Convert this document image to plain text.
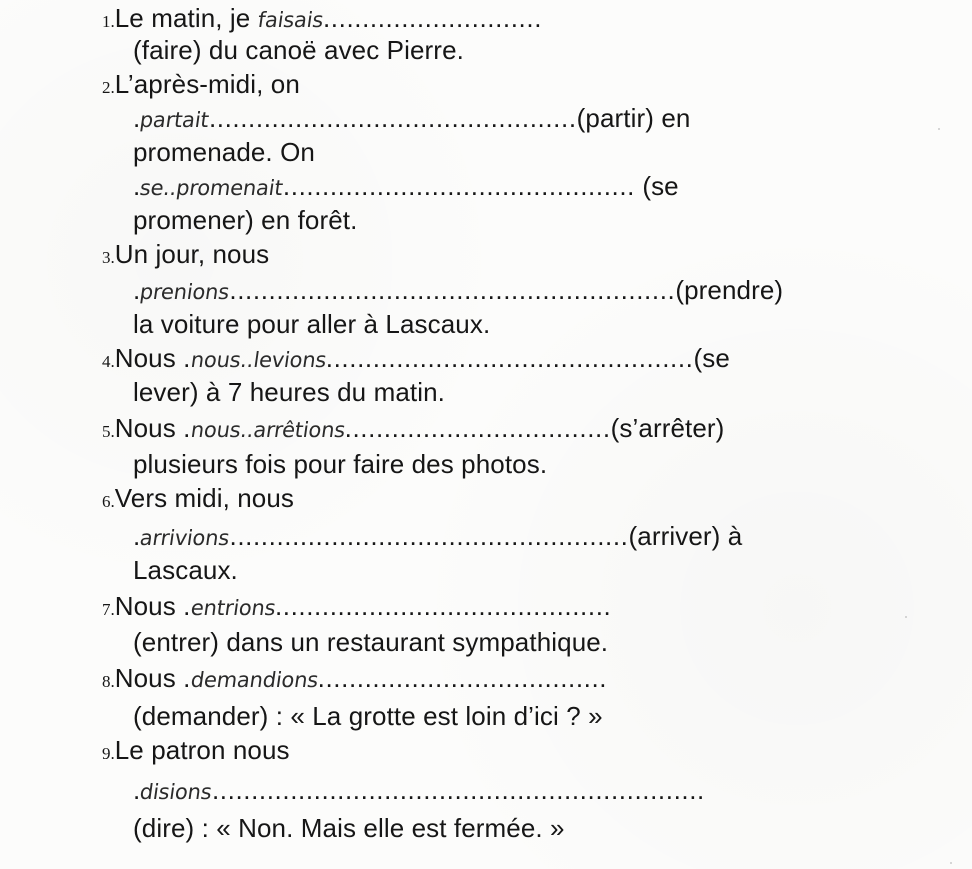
1.Le matin, je faisais............................
(faire) du canoë avec Pierre.
2.L’après-midi, on
.partait...............................................(partir) en
promenade. On
.se..promenait............................................. (se
promener) en forêt.
3.Un jour, nous
.prenions.........................................................(prendre)
la voiture pour aller à Lascaux.
4.Nous .nous..levions...............................................(se
lever) à 7 heures du matin.
5.Nous .nous..arrêtions..................................(s’arrêter)
plusieurs fois pour faire des photos.
6.Vers midi, nous
.arrivions...................................................(arriver) à
Lascaux.
7.Nous .entrions...........................................
(entrer) dans un restaurant sympathique.
8.Nous .demandions.....................................
(demander) : « La grotte est loin d’ici ? »
9.Le patron nous
.disions...............................................................
(dire) : « Non. Mais elle est fermée. »
